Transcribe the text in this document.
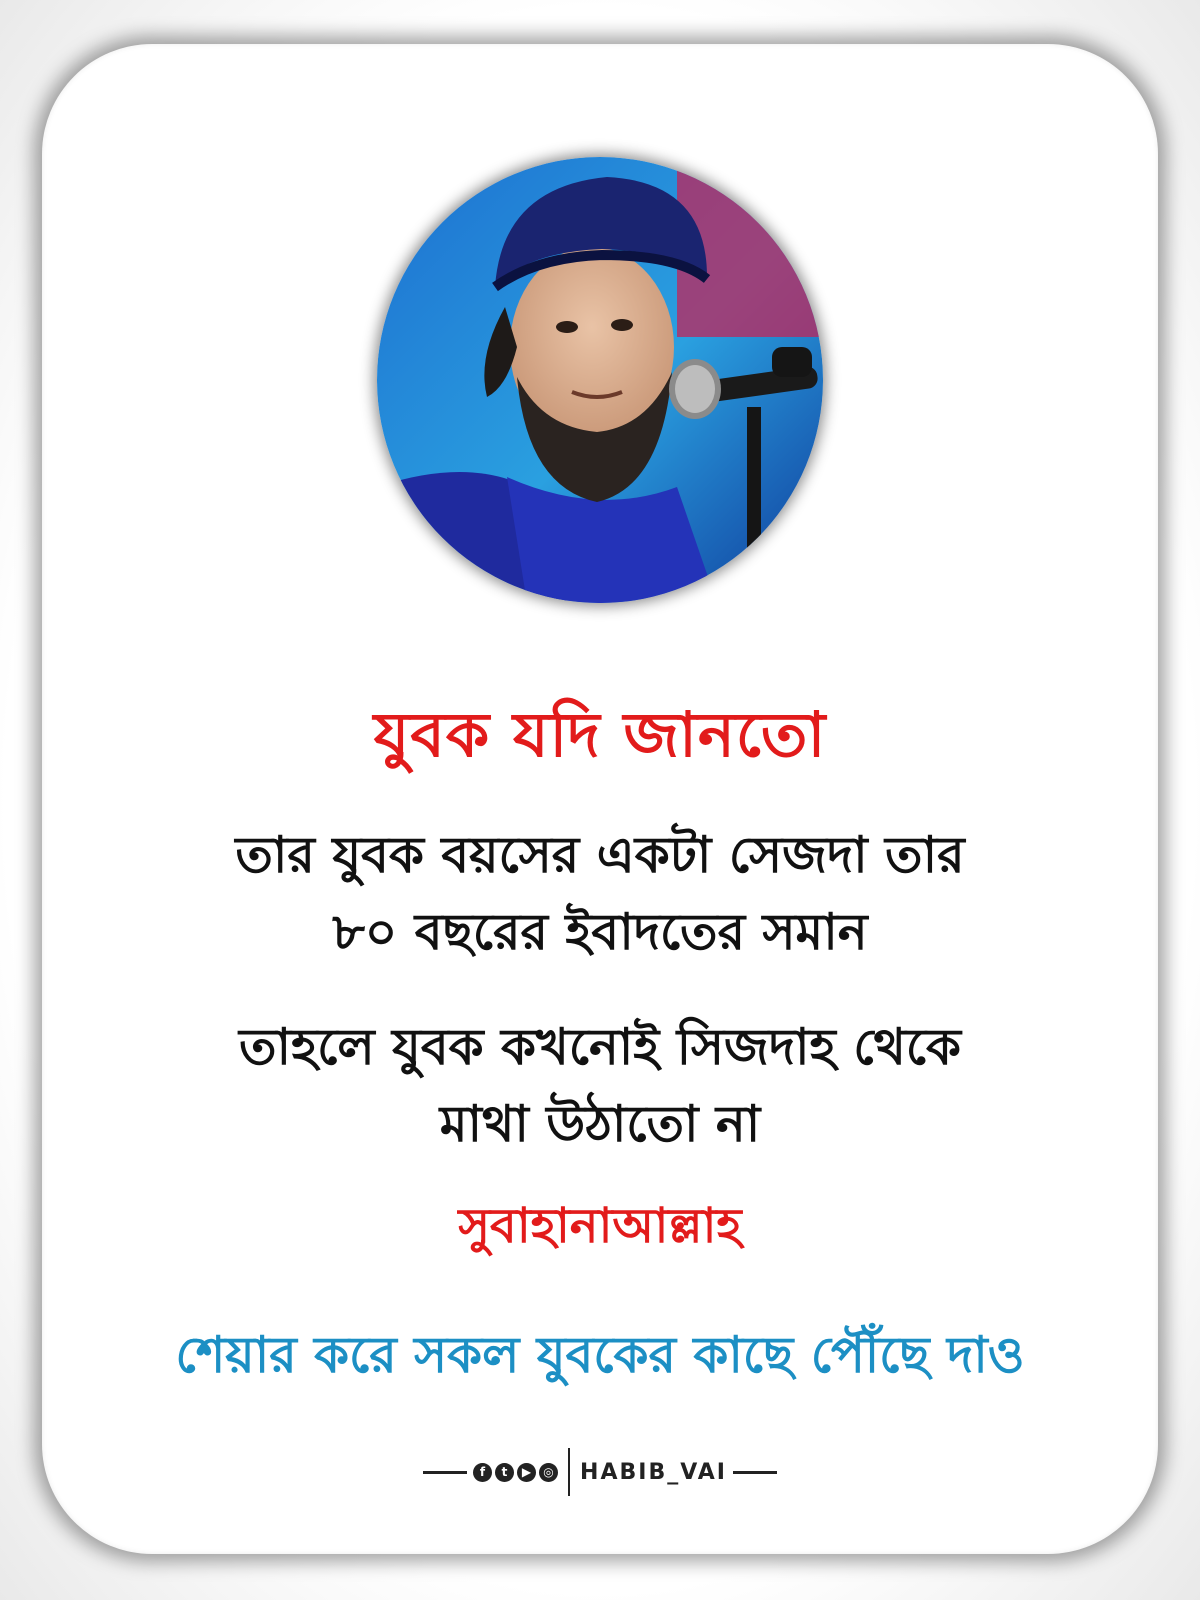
যুবক যদি জানতো

তার যুবক বয়সের একটা সেজদা তার

৮০ বছরের ইবাদতের সমান

তাহলে যুবক কখনোই সিজদাহ থেকে

মাথা উঠাতো না

সুবাহানাআল্লাহ

শেয়ার করে সকল যুবকের কাছে পৌঁছে দাও

f	t	▶	◎ HABIB_VAI
